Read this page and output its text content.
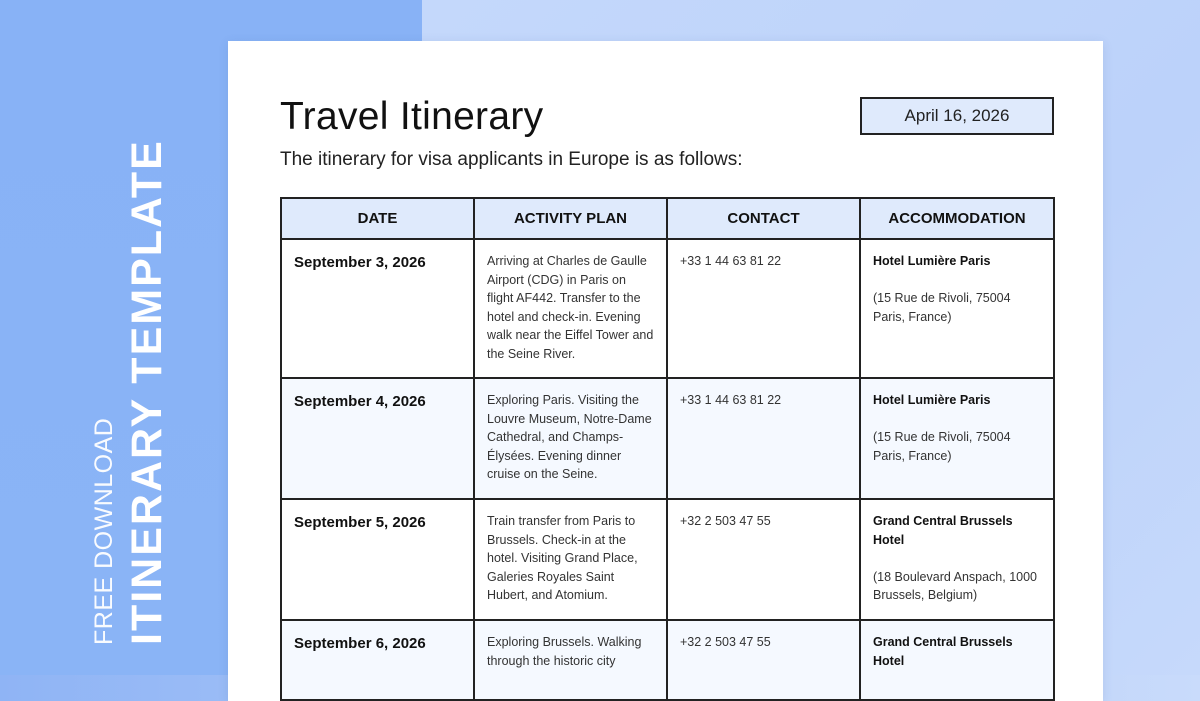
FREE DOWNLOAD ITINERARY TEMPLATE
Travel Itinerary
The itinerary for visa applicants in Europe is as follows:
April 16, 2026
DATE	ACTIVITY PLAN	CONTACT	ACCOMMODATION
September 3, 2026	Arriving at Charles de Gaulle Airport (CDG) in Paris on flight AF442. Transfer to the hotel and check-in. Evening walk near the Eiffel Tower and the Seine River.	+33 1 44 63 81 22	Hotel Lumière Paris
(15 Rue de Rivoli, 75004 Paris, France)

September 4, 2026	Exploring Paris. Visiting the Louvre Museum, Notre-Dame Cathedral, and Champs-Élysées. Evening dinner cruise on the Seine.	+33 1 44 63 81 22	Hotel Lumière Paris
(15 Rue de Rivoli, 75004 Paris, France)

September 5, 2026	Train transfer from Paris to Brussels. Check-in at the hotel. Visiting Grand Place, Galeries Royales Saint Hubert, and Atomium.	+32 2 503 47 55	Grand Central Brussels Hotel
(18 Boulevard Anspach, 1000 Brussels, Belgium)

September 6, 2026	Exploring Brussels. Walking through the historic city	+32 2 503 47 55	Grand Central Brussels Hotel
